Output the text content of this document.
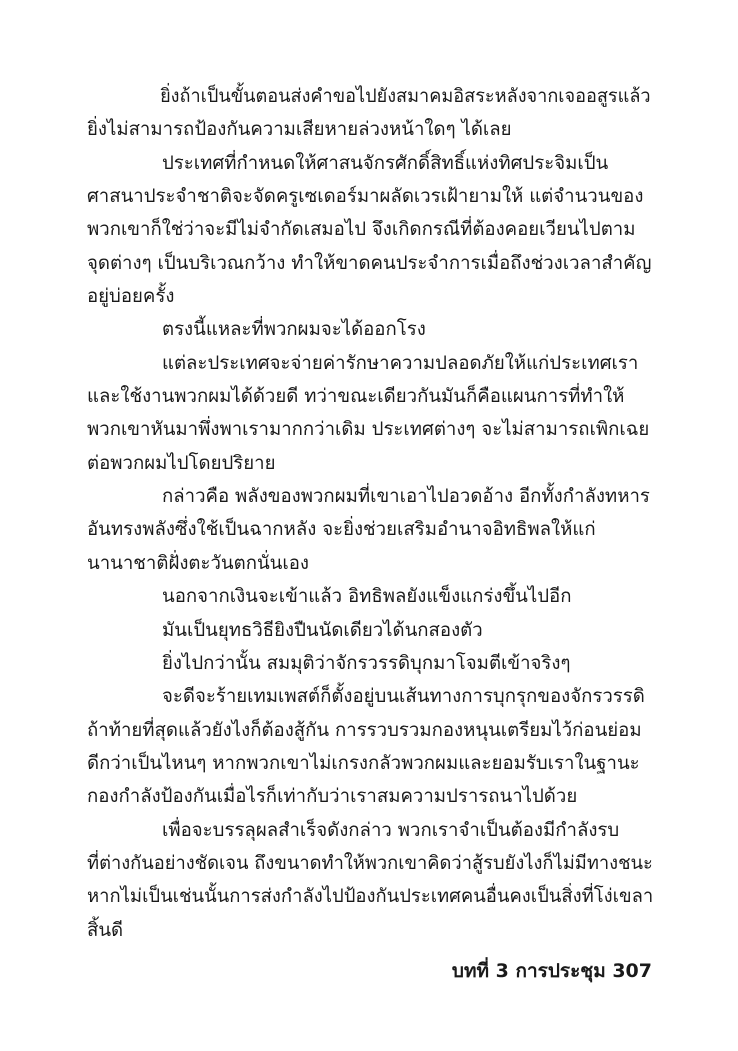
ยิ่งถ้าเป็นขั้นตอนส่งคำขอไปยังสมาคมอิสระหลังจากเจออสูรแล้ว
ยิ่งไม่สามารถป้องกันความเสียหายล่วงหน้าใดๆ ได้เลย
ประเทศที่กำหนดให้ศาสนจักรศักดิ์สิทธิ์แห่งทิศประจิมเป็น
ศาสนาประจำชาติจะจัดครูเซเดอร์มาผลัดเวรเฝ้ายามให้ แต่จำนวนของ
พวกเขาก็ใช่ว่าจะมีไม่จำกัดเสมอไป จึงเกิดกรณีที่ต้องคอยเวียนไปตาม
จุดต่างๆ เป็นบริเวณกว้าง ทำให้ขาดคนประจำการเมื่อถึงช่วงเวลาสำคัญ
อยู่บ่อยครั้ง
ตรงนี้แหละที่พวกผมจะได้ออกโรง
แต่ละประเทศจะจ่ายค่ารักษาความปลอดภัยให้แก่ประเทศเรา
และใช้งานพวกผมได้ด้วยดี ทว่าขณะเดียวกันมันก็คือแผนการที่ทำให้
พวกเขาหันมาพึ่งพาเรามากกว่าเดิม ประเทศต่างๆ จะไม่สามารถเพิกเฉย
ต่อพวกผมไปโดยปริยาย
กล่าวคือ พลังของพวกผมที่เขาเอาไปอวดอ้าง อีกทั้งกำลังทหาร
อันทรงพลังซึ่งใช้เป็นฉากหลัง จะยิ่งช่วยเสริมอำนาจอิทธิพลให้แก่
นานาชาติฝั่งตะวันตกนั่นเอง
นอกจากเงินจะเข้าแล้ว อิทธิพลยังแข็งแกร่งขึ้นไปอีก
มันเป็นยุทธวิธียิงปืนนัดเดียวได้นกสองตัว
ยิ่งไปกว่านั้น สมมุติว่าจักรวรรดิบุกมาโจมตีเข้าจริงๆ
จะดีจะร้ายเทมเพสต์ก็ตั้งอยู่บนเส้นทางการบุกรุกของจักรวรรดิ
ถ้าท้ายที่สุดแล้วยังไงก็ต้องสู้กัน การรวบรวมกองหนุนเตรียมไว้ก่อนย่อม
ดีกว่าเป็นไหนๆ หากพวกเขาไม่เกรงกลัวพวกผมและยอมรับเราในฐานะ
กองกำลังป้องกันเมื่อไรก็เท่ากับว่าเราสมความปรารถนาไปด้วย
เพื่อจะบรรลุผลสำเร็จดังกล่าว พวกเราจำเป็นต้องมีกำลังรบ
ที่ต่างกันอย่างชัดเจน ถึงขนาดทำให้พวกเขาคิดว่าสู้รบยังไงก็ไม่มีทางชนะ
หากไม่เป็นเช่นนั้นการส่งกำลังไปป้องกันประเทศคนอื่นคงเป็นสิ่งที่โง่เขลา
สิ้นดี
บทที่ 3 การประชุม 307
